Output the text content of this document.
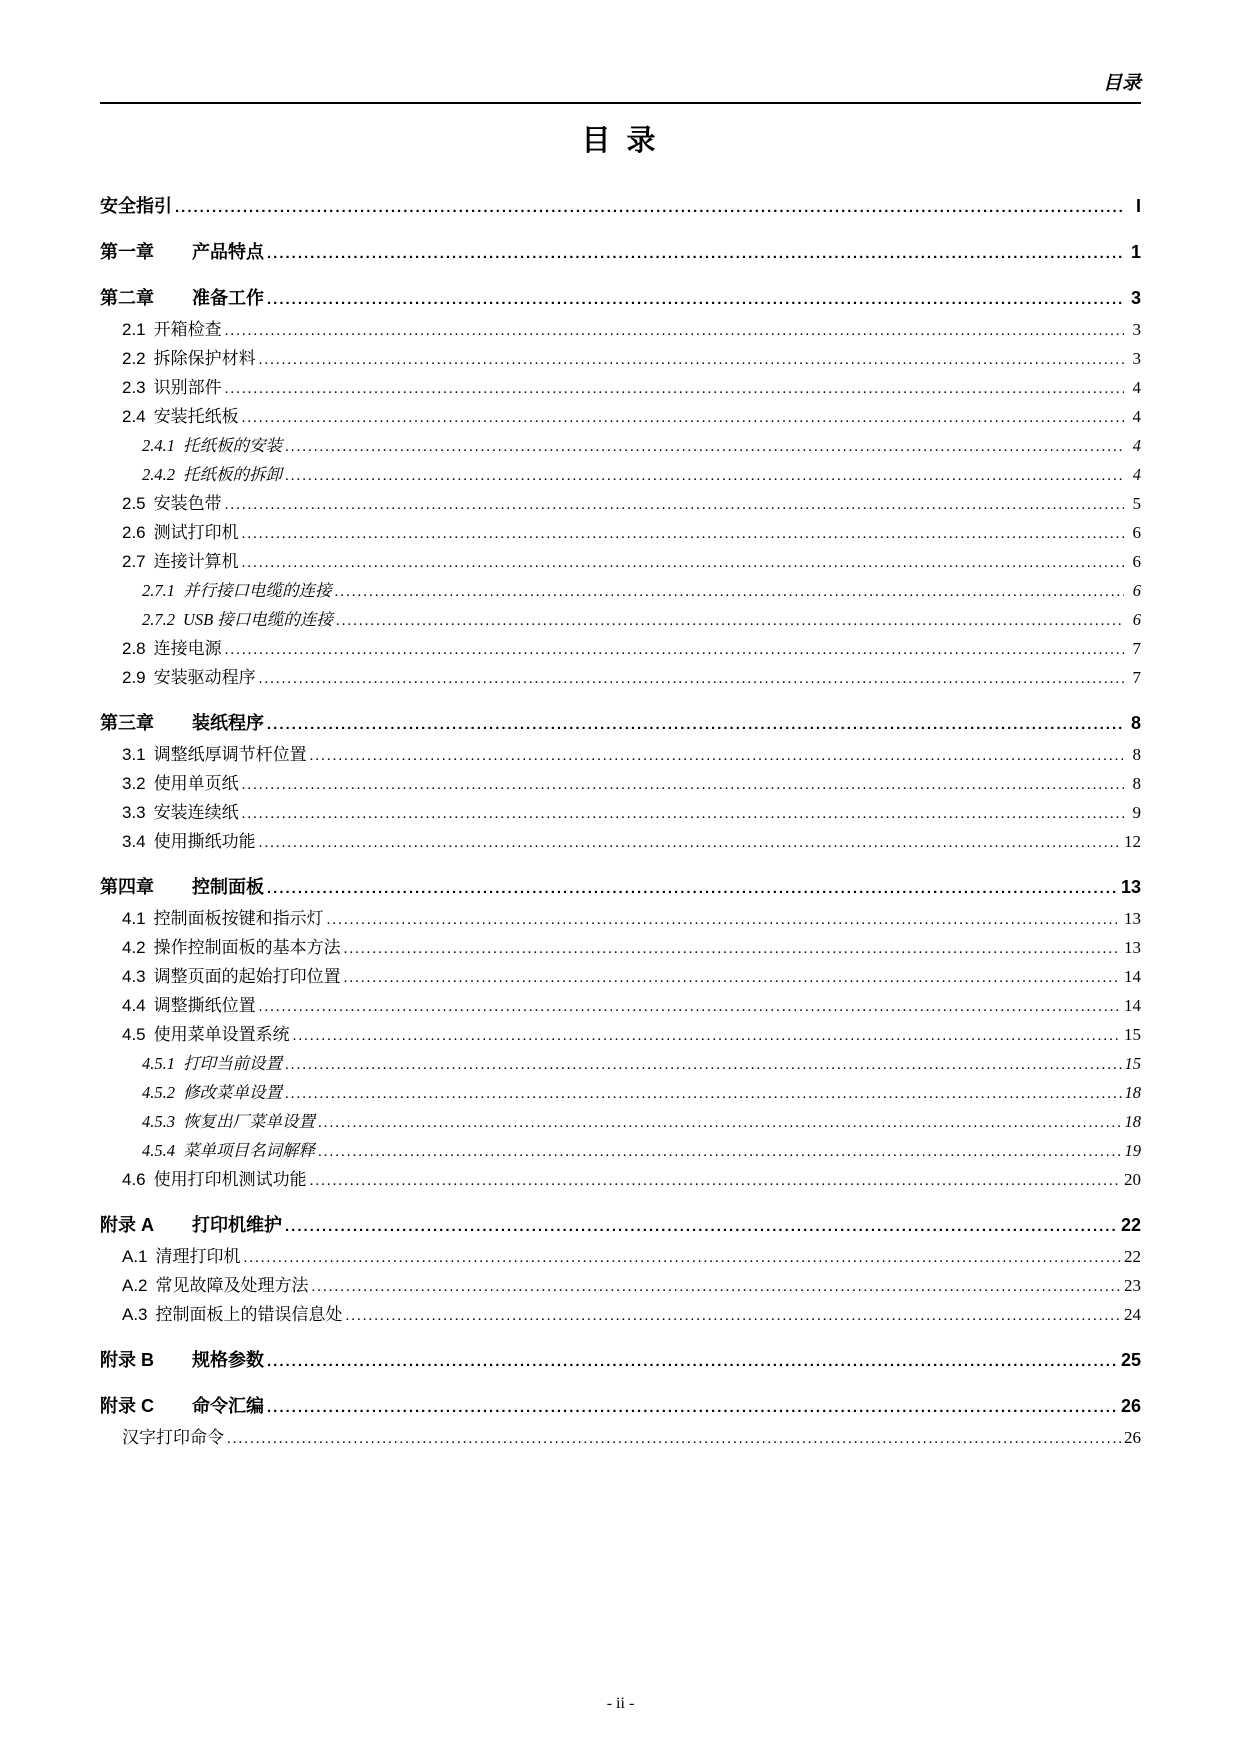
目录
目 录
安全指引 .....	I
第一章	产品特点 .....	1
第二章	准备工作 .....	3
2.1 开箱检查 .....	3
2.2 拆除保护材料 .....	3
2.3 识别部件 .....	4
2.4 安装托纸板 .....	4
2.4.1 托纸板的安装 .....	4
2.4.2 托纸板的拆卸 .....	4
2.5 安装色带 .....	5
2.6 测试打印机 .....	6
2.7 连接计算机 .....	6
2.7.1 并行接口电缆的连接 .....	6
2.7.2 USB 接口电缆的连接 .....	6
2.8 连接电源 .....	7
2.9 安装驱动程序 .....	7
第三章	装纸程序 .....	8
3.1 调整纸厚调节杆位置 .....	8
3.2 使用单页纸 .....	8
3.3 安装连续纸 .....	9
3.4 使用撕纸功能 .....	12
第四章	控制面板 .....	13
4.1 控制面板按键和指示灯 .....	13
4.2 操作控制面板的基本方法 .....	13
4.3 调整页面的起始打印位置 .....	14
4.4 调整撕纸位置 .....	14
4.5 使用菜单设置系统 .....	15
4.5.1 打印当前设置 .....	15
4.5.2 修改菜单设置 .....	18
4.5.3 恢复出厂菜单设置 .....	18
4.5.4 菜单项目名词解释 .....	19
4.6 使用打印机测试功能 .....	20
附录 A	打印机维护 .....	22
A.1 清理打印机 .....	22
A.2 常见故障及处理方法 .....	23
A.3 控制面板上的错误信息处 .....	24
附录 B	规格参数 .....	25
附录 C	命令汇编 .....	26
汉字打印命令 .....	26
- ii -
